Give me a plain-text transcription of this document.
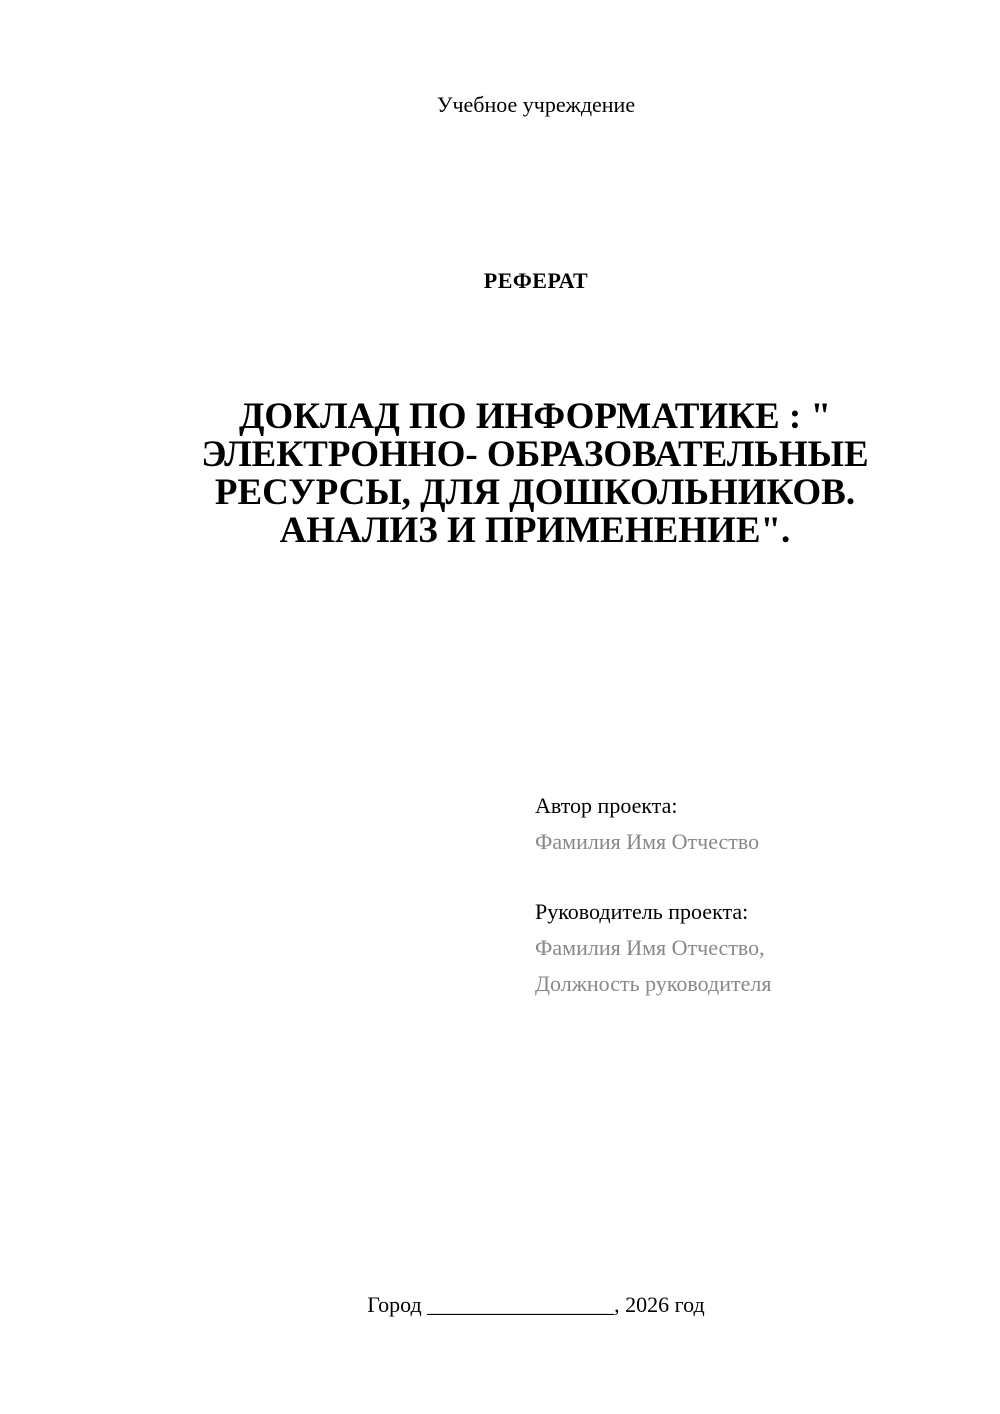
Учебное учреждение
РЕФЕРАТ
ДОКЛАД ПО ИНФОРМАТИКЕ : "
ЭЛЕКТРОННО- ОБРАЗОВАТЕЛЬНЫЕ
РЕСУРСЫ, ДЛЯ ДОШКОЛЬНИКОВ.
АНАЛИЗ И ПРИМЕНЕНИЕ".
Автор проекта:
Фамилия Имя Отчество
Руководитель проекта:
Фамилия Имя Отчество,
Должность руководителя
Город _________________, 2026 год
